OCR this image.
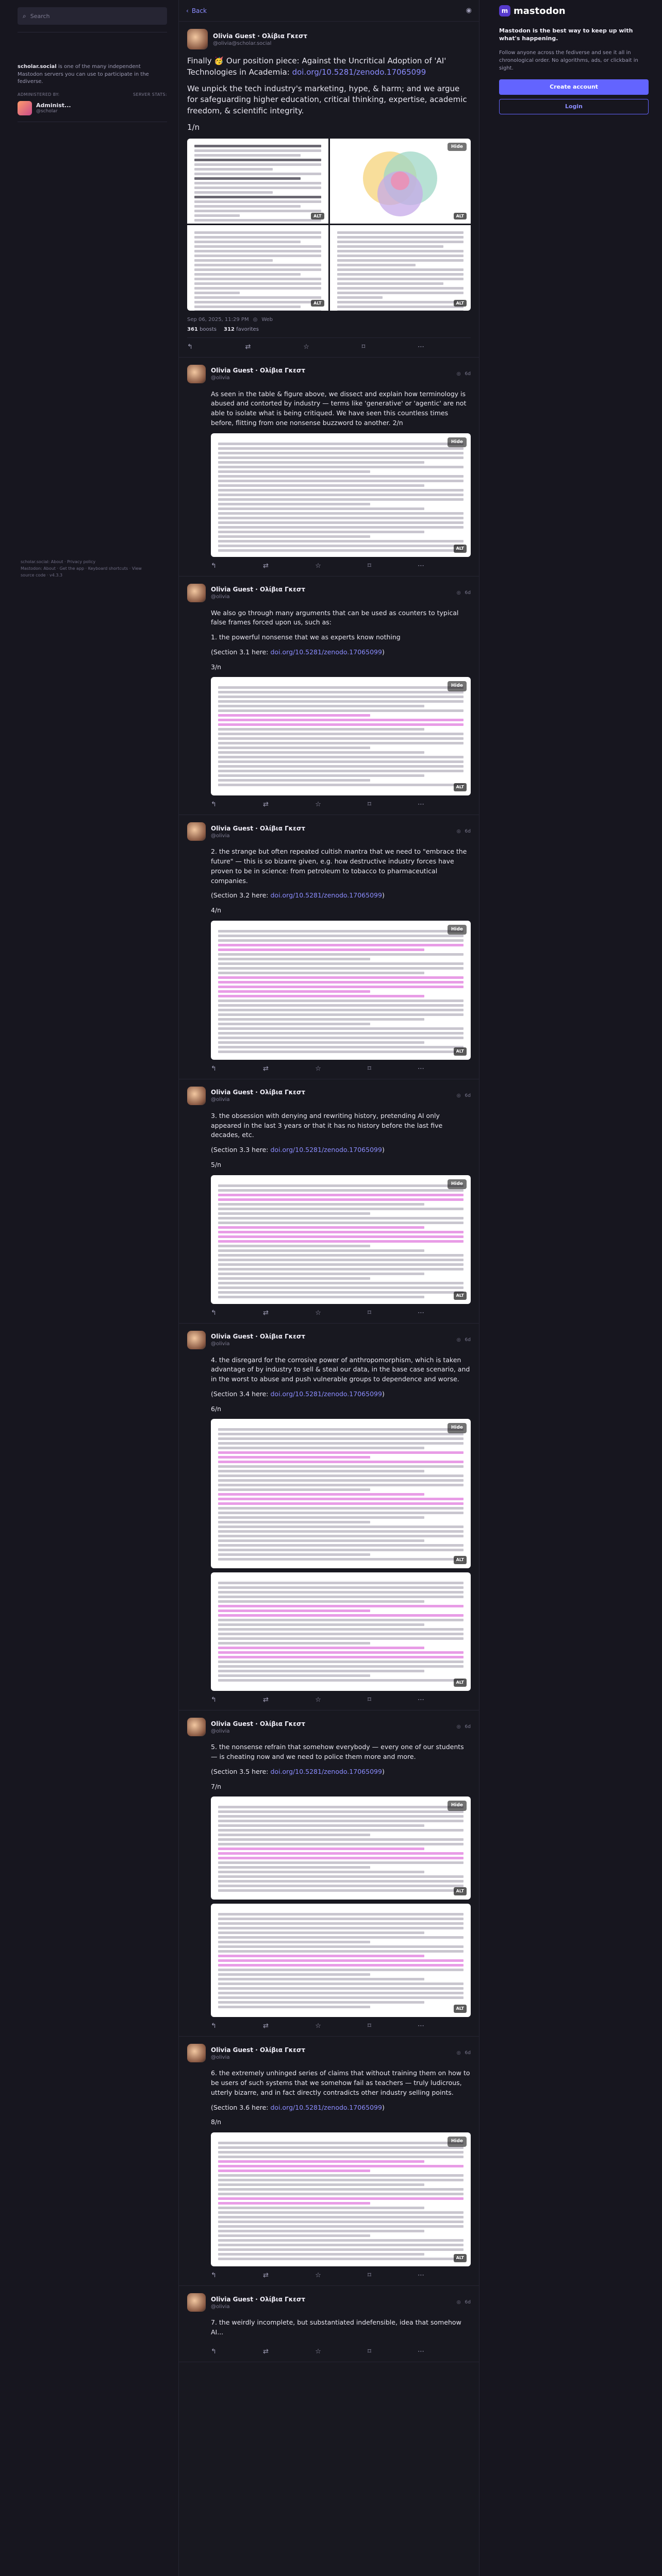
⌕ Search
scholar.social is one of the many independent Mastodon servers you can use to participate in the fediverse.
ADMINISTERED BY:	SERVER STATS:
Administ...
@scholar
scholar.social: About · Privacy policy
Mastodon: About · Get the app · Keyboard shortcuts · View source code · v4.3.3
‹ Back	◉
Olivia Guest · Ολίβια Γκεστ
@olivia@scholar.social

Finally 🥳 Our position piece: Against the Uncritical Adoption of 'AI' Technologies in Academia: doi.org/10.5281/zenodo.17065099

We unpick the tech industry's marketing, hype, & harm; and we argue for safeguarding higher education, critical thinking, expertise, academic freedom, & scientific integrity.

1/n

ALT
Hide
ALT
ALT	ALT
Sep 06, 2025, 11:29 PM ◎ Web
361 boosts 312 favorites
↰	⇄	☆	⌑	⋯
Olivia Guest · Ολίβια Γκεστ
@olivia
◎ 6d

As seen in the table & figure above, we dissect and explain how terminology is abused and contorted by industry — terms like 'generative' or 'agentic' are not able to isolate what is being critiqued. We have seen this countless times before, flitting from one nonsense buzzword to another. 2/n

Hide
ALT
↰	⇄	☆	⌑	⋯
Olivia Guest · Ολίβια Γκεστ
@olivia
◎ 6d

We also go through many arguments that can be used as counters to typical false frames forced upon us, such as:

1. the powerful nonsense that we as experts know nothing

(Section 3.1 here: doi.org/10.5281/zenodo.17065099)

3/n

Hide
ALT
↰	⇄	☆	⌑	⋯
Olivia Guest · Ολίβια Γκεστ
@olivia
◎ 6d

2. the strange but often repeated cultish mantra that we need to "embrace the future" — this is so bizarre given, e.g. how destructive industry forces have proven to be in science: from petroleum to tobacco to pharmaceutical companies.

(Section 3.2 here: doi.org/10.5281/zenodo.17065099)

4/n

Hide
ALT
↰	⇄	☆	⌑	⋯
Olivia Guest · Ολίβια Γκεστ
@olivia
◎ 6d

3. the obsession with denying and rewriting history, pretending AI only appeared in the last 3 years or that it has no history before the last five decades, etc.

(Section 3.3 here: doi.org/10.5281/zenodo.17065099)

5/n

Hide
ALT
↰	⇄	☆	⌑	⋯
Olivia Guest · Ολίβια Γκεστ
@olivia
◎ 6d

4. the disregard for the corrosive power of anthropomorphism, which is taken advantage of by industry to sell & steal our data, in the base case scenario, and in the worst to abuse and push vulnerable groups to dependence and worse.

(Section 3.4 here: doi.org/10.5281/zenodo.17065099)

6/n

Hide
ALT
ALT
↰	⇄	☆	⌑	⋯
Olivia Guest · Ολίβια Γκεστ
@olivia
◎ 6d

5. the nonsense refrain that somehow everybody — every one of our students — is cheating now and we need to police them more and more.

(Section 3.5 here: doi.org/10.5281/zenodo.17065099)

7/n

Hide
ALT
ALT
↰	⇄	☆	⌑	⋯
Olivia Guest · Ολίβια Γκεστ
@olivia
◎ 6d

6. the extremely unhinged series of claims that without training them on how to be users of such systems that we somehow fail as teachers — truly ludicrous, utterly bizarre, and in fact directly contradicts other industry selling points.

(Section 3.6 here: doi.org/10.5281/zenodo.17065099)

8/n

Hide
ALT
↰	⇄	☆	⌑	⋯
Olivia Guest · Ολίβια Γκεστ
@olivia
◎ 6d

7. the weirdly incomplete, but substantiated indefensible, idea that somehow AI...

↰	⇄	☆	⌑	⋯
m mastodon
Mastodon is the best way to keep up with what's happening.
Follow anyone across the fediverse and see it all in chronological order. No algorithms, ads, or clickbait in sight.
Create account
Login
